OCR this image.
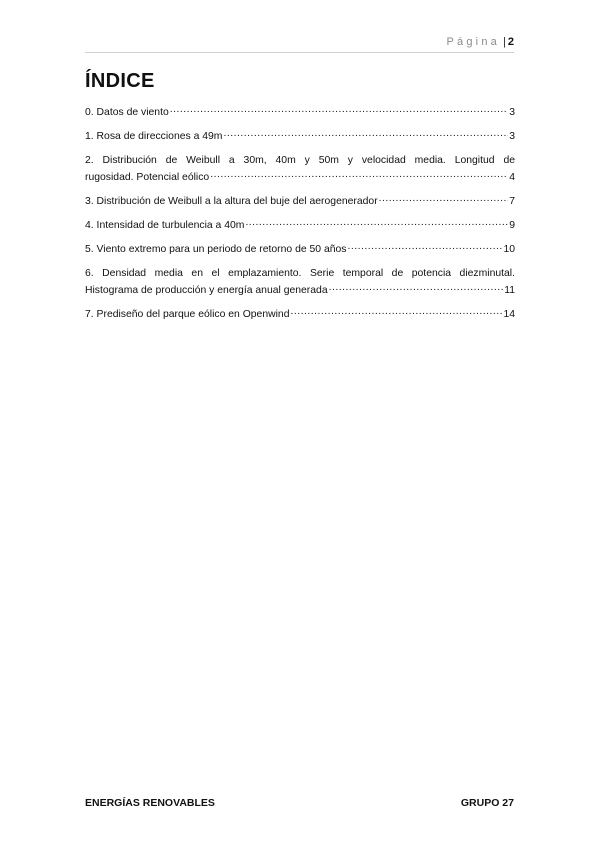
Página | 2
ÍNDICE
0. Datos de viento . . .	3
1. Rosa de direcciones a 49m . . .	3
2. Distribución de Weibull a 30m, 40m y 50m y velocidad media. Longitud de
rugosidad. Potencial eólico . . .	4
3. Distribución de Weibull a la altura del buje del aerogenerador . . .	7
4. Intensidad de turbulencia a 40m . . .	9
5. Viento extremo para un periodo de retorno de 50 años . . .	10
6. Densidad media en el emplazamiento. Serie temporal de potencia diezminutal.
Histograma de producción y energía anual generada . . .	11
7. Prediseño del parque eólico en Openwind . . .	14
ENERGÍAS RENOVABLES	GRUPO 27
